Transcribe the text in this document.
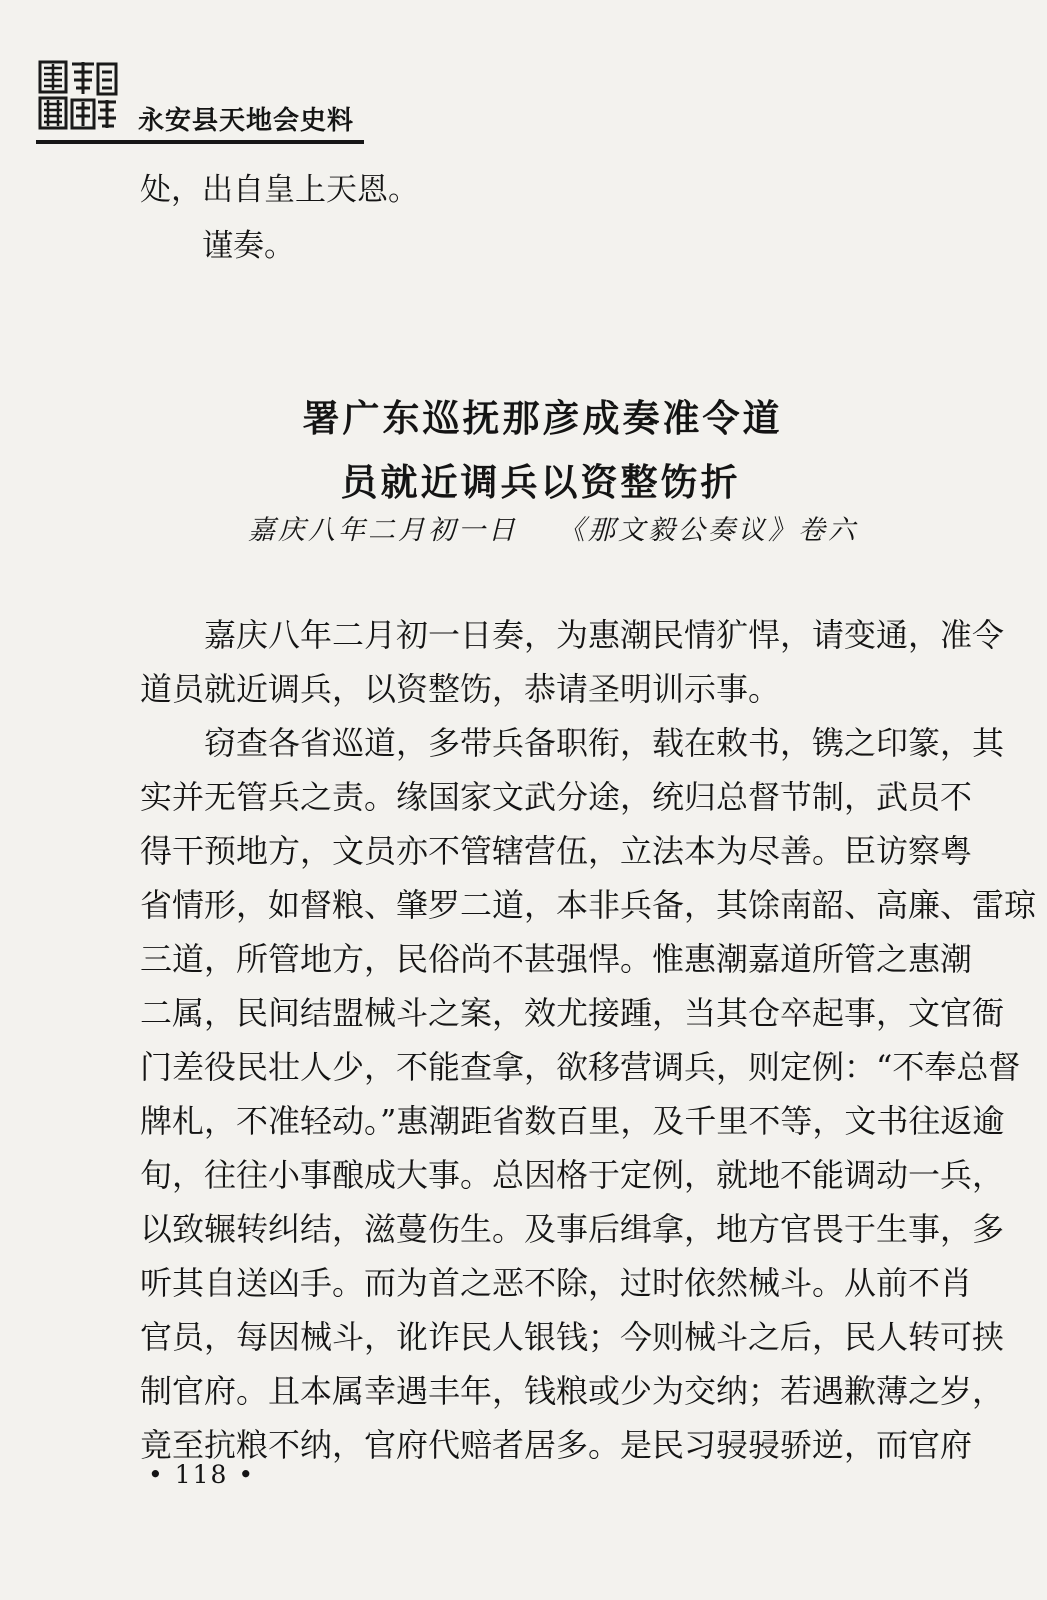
永安县天地会史料
处，出自皇上天恩。
谨奏。
署广东巡抚那彦成奏准令道
员就近调兵以资整饬折
嘉庆八年二月初一日 《那文毅公奏议》卷六
嘉庆八年二月初一日奏，为惠潮民情犷悍，请变通，准令
道员就近调兵，以资整饬，恭请圣明训示事。
窃查各省巡道，多带兵备职衔，载在敕书，镌之印篆，其
实并无管兵之责。缘国家文武分途，统归总督节制，武员不
得干预地方，文员亦不管辖营伍，立法本为尽善。臣访察粤
省情形，如督粮、肇罗二道，本非兵备，其馀南韶、高廉、雷琼
三道，所管地方，民俗尚不甚强悍。惟惠潮嘉道所管之惠潮
二属，民间结盟械斗之案，效尤接踵，当其仓卒起事，文官衙
门差役民壮人少，不能查拿，欲移营调兵，则定例：“不奉总督
牌札，不准轻动。”惠潮距省数百里，及千里不等，文书往返逾
旬，往往小事酿成大事。总因格于定例，就地不能调动一兵，
以致辗转纠结，滋蔓伤生。及事后缉拿，地方官畏于生事，多
听其自送凶手。而为首之恶不除，过时依然械斗。从前不肖
官员，每因械斗，讹诈民人银钱；今则械斗之后，民人转可挟
制官府。且本属幸遇丰年，钱粮或少为交纳；若遇歉薄之岁，
竟至抗粮不纳，官府代赔者居多。是民习骎骎骄逆，而官府
• 118 •
